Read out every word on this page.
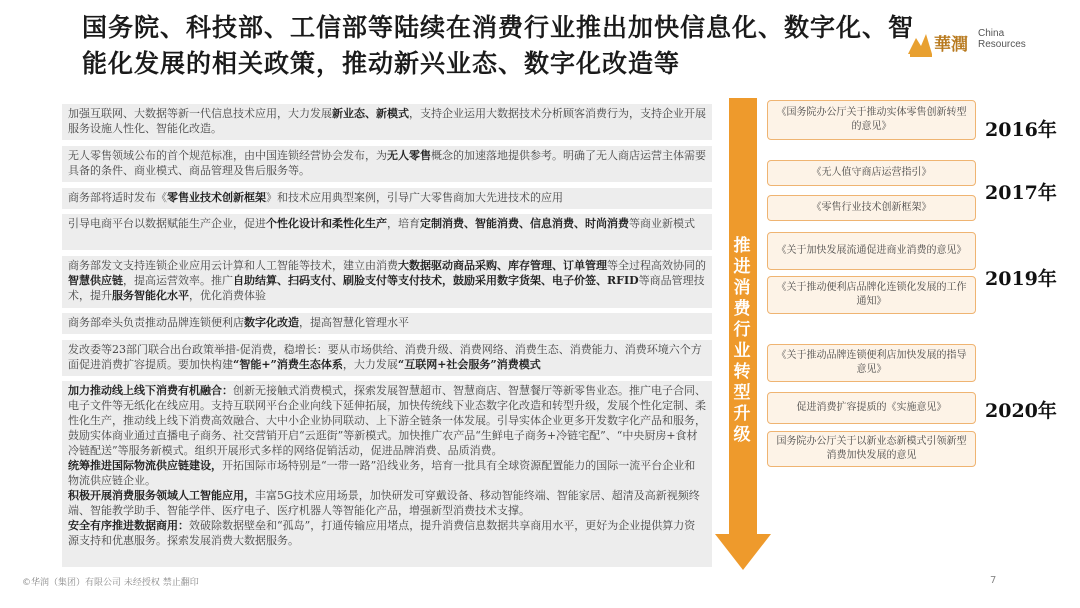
国务院、科技部、工信部等陆续在消费行业推出加快信息化、数字化、智
能化发展的相关政策，推动新兴业态、数字化改造等
華潤
China
Resources
加强互联网、大数据等新一代信息技术应用，大力发展新业态、新模式，支持企业运用大数据技术分析顾客消费行为，支持企业开展服务设施人性化、智能化改造。
无人零售领域公布的首个规范标准，由中国连锁经营协会发布，为无人零售概念的加速落地提供参考。明确了无人商店运营主体需要具备的条件、商业模式、商品管理及售后服务等。
商务部将适时发布《零售业技术创新框架》和技术应用典型案例，引导广大零售商加大先进技术的应用
引导电商平台以数据赋能生产企业，促进个性化设计和柔性化生产，培育定制消费、智能消费、信息消费、时尚消费等商业新模式
商务部发文支持连锁企业应用云计算和人工智能等技术，建立由消费大数据驱动商品采购、库存管理、订单管理等全过程高效协同的智慧供应链，提高运营效率。推广自助结算、扫码支付、刷脸支付等支付技术，鼓励采用数字货架、电子价签、RFID等商品管理技术，提升服务智能化水平，优化消费体验
商务部牵头负责推动品牌连锁便利店数字化改造，提高智慧化管理水平
发改委等23部门联合出台政策举措-促消费，稳增长：要从市场供给、消费升级、消费网络、消费生态、消费能力、消费环境六个方面促进消费扩容提质。要加快构建“智能+”消费生态体系，大力发展“互联网+社会服务”消费模式

加力推动线上线下消费有机融合：创新无接触式消费模式，探索发展智慧超市、智慧商店、智慧餐厅等新零售业态。推广电子合同、电子文件等无纸化在线应用。支持互联网平台企业向线下延伸拓展，加快传统线下业态数字化改造和转型升级，发展个性化定制、柔性化生产，推动线上线下消费高效融合、大中小企业协同联动、上下游全链条一体发展。引导实体企业更多开发数字化产品和服务，鼓励实体商业通过直播电子商务、社交营销开启“云逛街”等新模式。加快推广农产品“生鲜电子商务+冷链宅配”、“中央厨房+食材冷链配送”等服务新模式。组织开展形式多样的网络促销活动，促进品牌消费、品质消费。

统筹推进国际物流供应链建设，开拓国际市场特别是“一带一路”沿线业务，培育一批具有全球资源配置能力的国际一流平台企业和物流供应链企业。

积极开展消费服务领域人工智能应用，丰富5G技术应用场景，加快研发可穿戴设备、移动智能终端、智能家居、超清及高新视频终端、智能教学助手、智能学伴、医疗电子、医疗机器人等智能化产品，增强新型消费技术支撑。

安全有序推进数据商用：效破除数据壁垒和“孤岛”，打通传输应用堵点，提升消费信息数据共享商用水平，更好为企业提供算力资源支持和优惠服务。探索发展消费大数据服务。

推进消费行业转型升级
《国务院办公厅关于推动实体零售创新转型的意见》
《无人值守商店运营指引》
《零售行业技术创新框架》
《关于加快发展流通促进商业消费的意见》
《关于推动便利店品牌化连锁化发展的工作通知》
《关于推动品牌连锁便利店加快发展的指导意见》
促进消费扩容提质的《实施意见》
国务院办公厅关于以新业态新模式引领新型消费加快发展的意见
2016年
2017年
2019年
2020年
©华润（集团）有限公司 未经授权 禁止翻印	7
